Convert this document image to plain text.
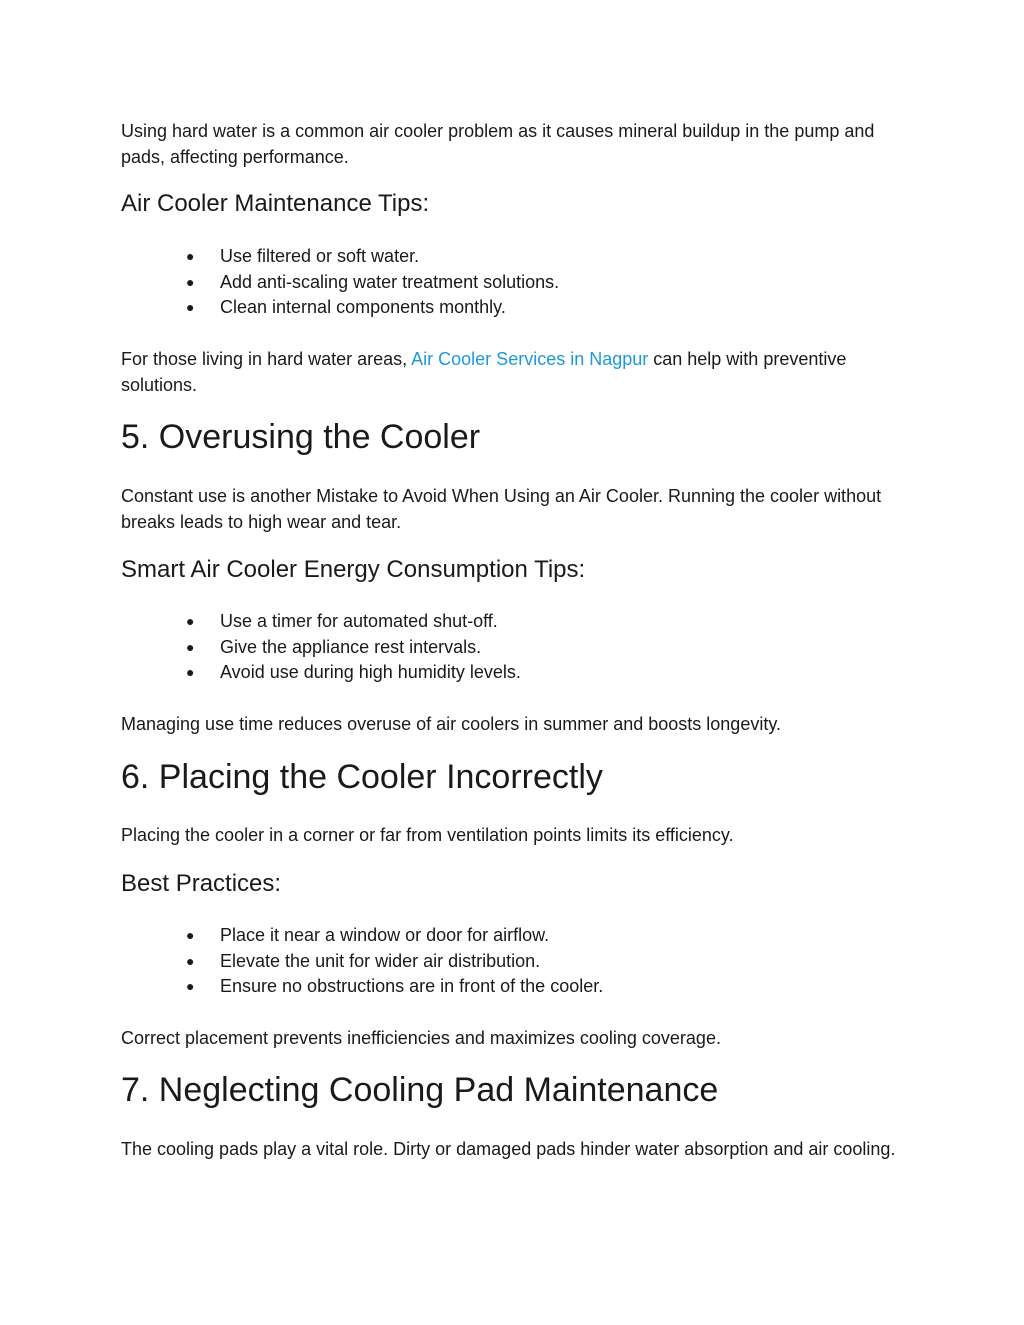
Using hard water is a common air cooler problem as it causes mineral buildup in the pump and pads, affecting performance.

Air Cooler Maintenance Tips:
● Use filtered or soft water.
● Add anti-scaling water treatment solutions.
● Clean internal components monthly.

For those living in hard water areas, Air Cooler Services in Nagpur can help with preventive solutions.

5. Overusing the Cooler

Constant use is another Mistake to Avoid When Using an Air Cooler. Running the cooler without breaks leads to high wear and tear.

Smart Air Cooler Energy Consumption Tips:
● Use a timer for automated shut-off.
● Give the appliance rest intervals.
● Avoid use during high humidity levels.

Managing use time reduces overuse of air coolers in summer and boosts longevity.

6. Placing the Cooler Incorrectly

Placing the cooler in a corner or far from ventilation points limits its efficiency.

Best Practices:
● Place it near a window or door for airflow.
● Elevate the unit for wider air distribution.
● Ensure no obstructions are in front of the cooler.

Correct placement prevents inefficiencies and maximizes cooling coverage.

7. Neglecting Cooling Pad Maintenance

The cooling pads play a vital role. Dirty or damaged pads hinder water absorption and air cooling.
